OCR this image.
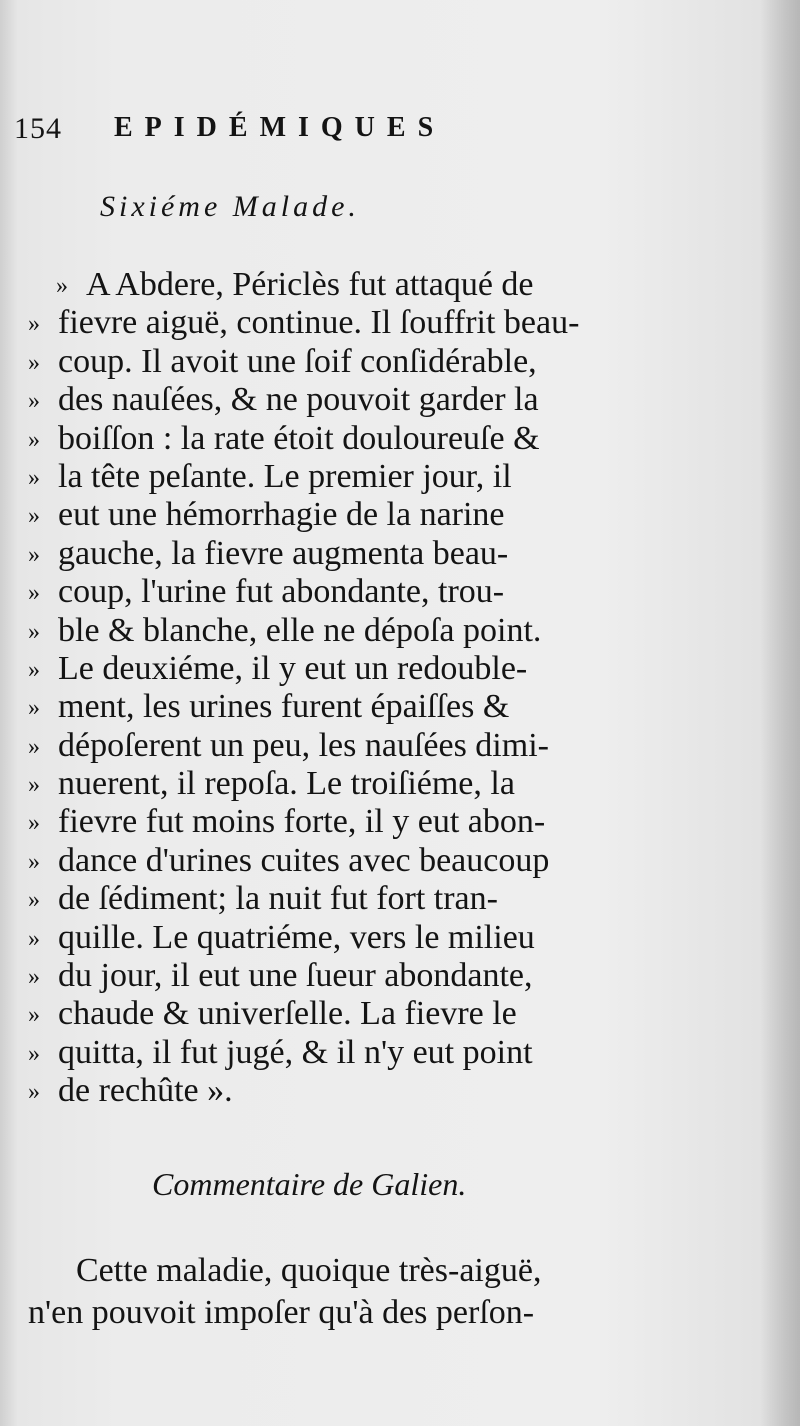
154 EPIDÉMIQUES
Sixiéme Malade.
» A Abdere, Périclès fut attaqué de
» fievre aiguë, continue. Il ſouffrit beau-
» coup. Il avoit une ſoif conſidérable,
» des nauſées, & ne pouvoit garder la
» boiſſon : la rate étoit douloureuſe &
» la tête peſante. Le premier jour, il
» eut une hémorrhagie de la narine
» gauche, la fievre augmenta beau-
» coup, l'urine fut abondante, trou-
» ble & blanche, elle ne dépoſa point.
» Le deuxiéme, il y eut un redouble-
» ment, les urines furent épaiſſes &
» dépoſerent un peu, les nauſées dimi-
» nuerent, il repoſa. Le troiſiéme, la
» fievre fut moins forte, il y eut abon-
» dance d'urines cuites avec beaucoup
» de ſédiment; la nuit fut fort tran-
» quille. Le quatriéme, vers le milieu
» du jour, il eut une ſueur abondante,
» chaude & univerſelle. La fievre le
» quitta, il fut jugé, & il n'y eut point
» de rechûte ».
Commentaire de Galien.
Cette maladie, quoique très-aiguë,
n'en pouvoit impoſer qu'à des perſon-
